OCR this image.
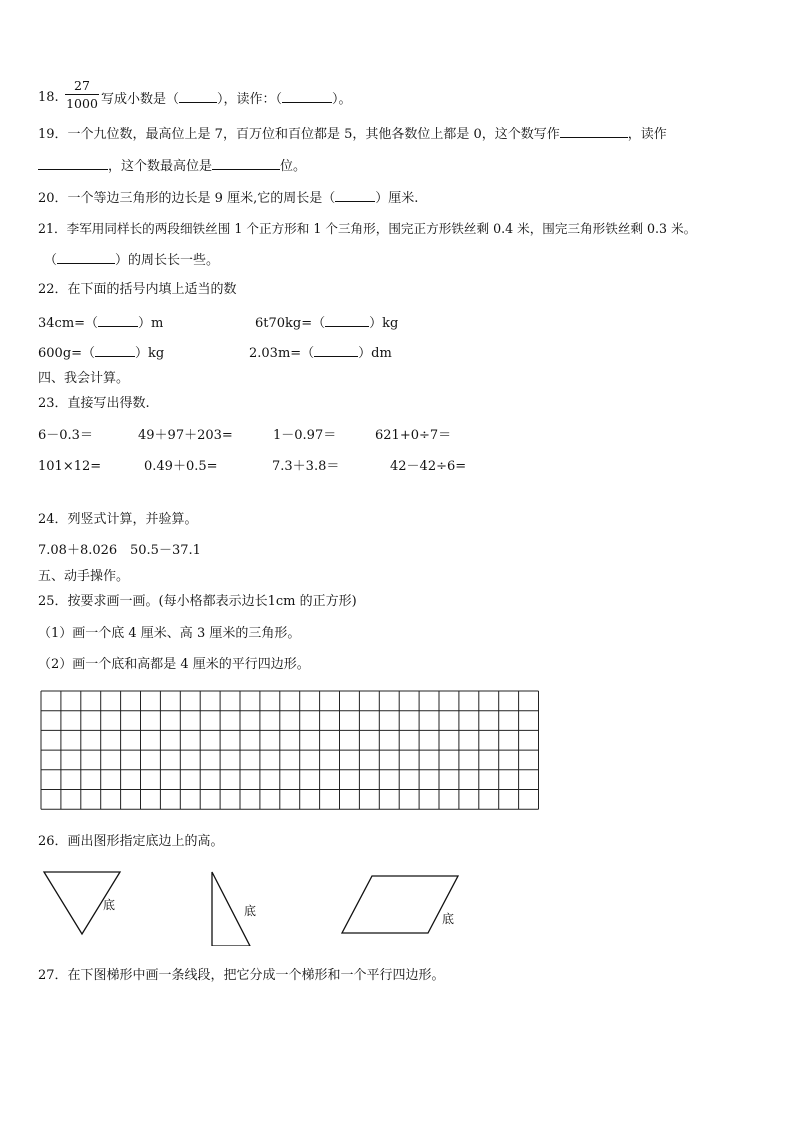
18.
27
1000 写成小数是（	），读作：（	）。
19．一个九位数，最高位上是 7，百万位和百位都是 5，其他各数位上都是 0，这个数写作	，读作
，这个数最高位是	位。
20．一个等边三角形的边长是 9 厘米,它的周长是（	）厘米.
21．李军用同样长的两段细铁丝围 1 个正方形和 1 个三角形，围完正方形铁丝剩 0.4 米，围完三角形铁丝剩 0.3 米。
（	）的周长长一些。
22．在下面的括号内填上适当的数
34cm=（	）m	6t70kg=（	）kg
600g=（	）kg	2.03m=（	）dm
四、我会计算。
23．直接写出得数.
6－0.3＝	49＋97＋203=	1－0.97＝	621+0÷7＝
101×12=	0.49＋0.5=	7.3＋3.8＝	42－42÷6=
24．列竖式计算，并验算。
7.08＋8.026 50.5－37.1
五、动手操作。
25．按要求画一画。(每小格都表示边长1cm 的正方形)
（1）画一个底 4 厘米、高 3 厘米的三角形。
（2）画一个底和高都是 4 厘米的平行四边形。
26．画出图形指定底边上的高。
底	底
底
27．在下图梯形中画一条线段，把它分成一个梯形和一个平行四边形。
